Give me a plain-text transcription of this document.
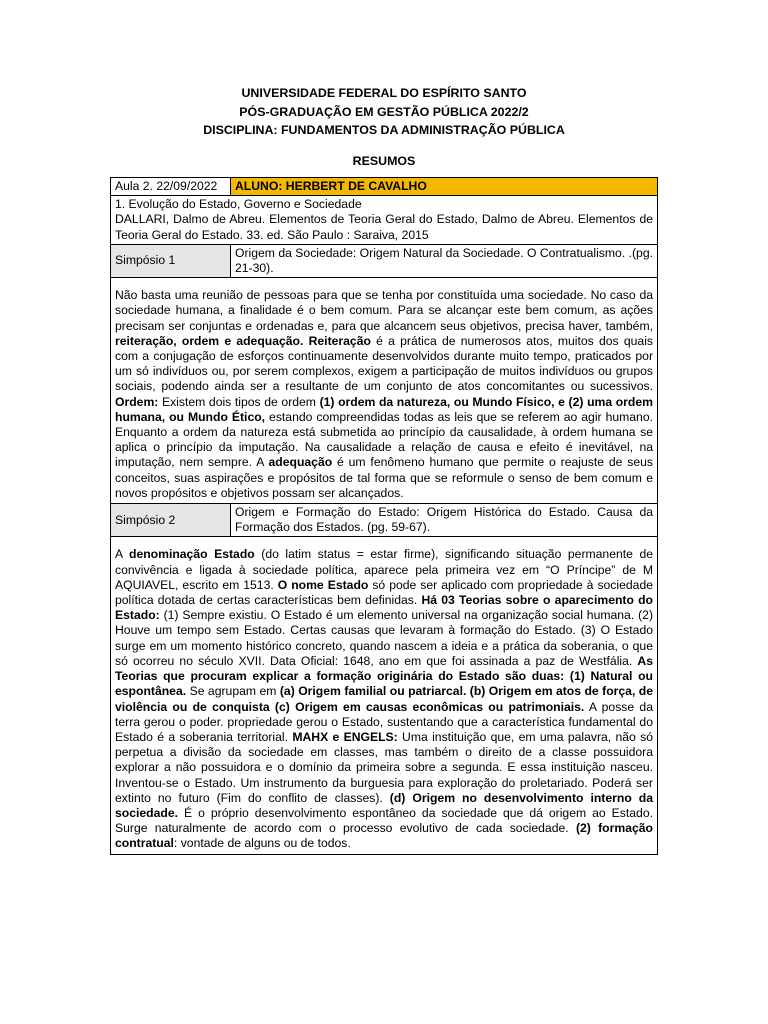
UNIVERSIDADE FEDERAL DO ESPÍRITO SANTO
PÓS-GRADUAÇÃO EM GESTÃO PÚBLICA 2022/2
DISCIPLINA: FUNDAMENTOS DA ADMINISTRAÇÃO PÚBLICA
RESUMOS
Aula 2. 22/09/2022	ALUNO: HERBERT DE CAVALHO

1. Evolução do Estado, Governo e Sociedade
DALLARI, Dalmo de Abreu. Elementos de Teoria Geral do Estado, Dalmo de Abreu. Elementos de Teoria Geral do Estado. 33. ed. São Paulo : Saraiva, 2015	

Simpósio 1	Origem da Sociedade: Origem Natural da Sociedade. O Contratualismo. .(pg. 21-30).
Não basta uma reunião de pessoas para que se tenha por constituída uma sociedade. No caso da sociedade humana, a finalidade é o bem comum. Para se alcançar este bem comum, as ações precisam ser conjuntas e ordenadas e, para que alcancem seus objetivos, precisa haver, também, reiteração, ordem e adequação. Reiteração é a prática de numerosos atos, muitos dos quais com a conjugação de esforços continuamente desenvolvidos durante muito tempo, praticados por um só indivíduos ou, por serem complexos, exigem a participação de muitos indivíduos ou grupos sociais, podendo ainda ser a resultante de um conjunto de atos concomitantes ou sucessivos. Ordem: Existem dois tipos de ordem (1) ordem da natureza, ou Mundo Físico, e (2) uma ordem humana, ou Mundo Ético, estando compreendidas todas as leis que se referem ao agir humano. Enquanto a ordem da natureza está submetida ao princípio da causalidade, à ordem humana se aplica o princípio da imputação. Na causalidade a relação de causa e efeito é inevitável, na imputação, nem sempre. A adequação é um fenômeno humano que permite o reajuste de seus conceitos, suas aspirações e propósitos de tal forma que se reformule o senso de bem comum e novos propósitos e objetivos possam ser alcançados.	
Simpósio 2	Origem e Formação do Estado: Origem Histórica do Estado. Causa da Formação dos Estados. (pg. 59-67).
A denominação Estado (do latim status = estar firme), significando situação permanente de convivência e ligada à sociedade política, aparece pela primeira vez em “O Príncipe” de M AQUIAVEL, escrito em 1513. O nome Estado só pode ser aplicado com propriedade à sociedade política dotada de certas características bem definidas. Há 03 Teorias sobre o aparecimento do Estado: (1) Sempre existiu. O Estado é um elemento universal na organização social humana. (2) Houve um tempo sem Estado. Certas causas que levaram à formação do Estado. (3) O Estado surge em um momento histórico concreto, quando nascem a ideia e a prática da soberania, o que só ocorreu no século XVII. Data Oficial: 1648, ano em que foi assinada a paz de Westfália. As Teorias que procuram explicar a formação originária do Estado são duas: (1) Natural ou espontânea. Se agrupam em (a) Origem familial ou patriarcal. (b) Origem em atos de força, de violência ou de conquista (c) Origem em causas econômicas ou patrimoniais. A posse da terra gerou o poder. propriedade gerou o Estado, sustentando que a característica fundamental do Estado é a soberania territorial. MAHX e ENGELS: Uma instituição que, em uma palavra, não só perpetua a divisão da sociedade em classes, mas também o direito de a classe possuidora explorar a não possuidora e o domínio da primeira sobre a segunda. E essa instituição nasceu. Inventou-se o Estado. Um instrumento da burguesia para exploração do proletariado. Poderá ser extinto no futuro (Fim do conflito de classes). (d) Origem no desenvolvimento interno da sociedade. É o próprio desenvolvimento espontâneo da sociedade que dá origem ao Estado. Surge naturalmente de acordo com o processo evolutivo de cada sociedade. (2) formação contratual: vontade de alguns ou de todos.	
